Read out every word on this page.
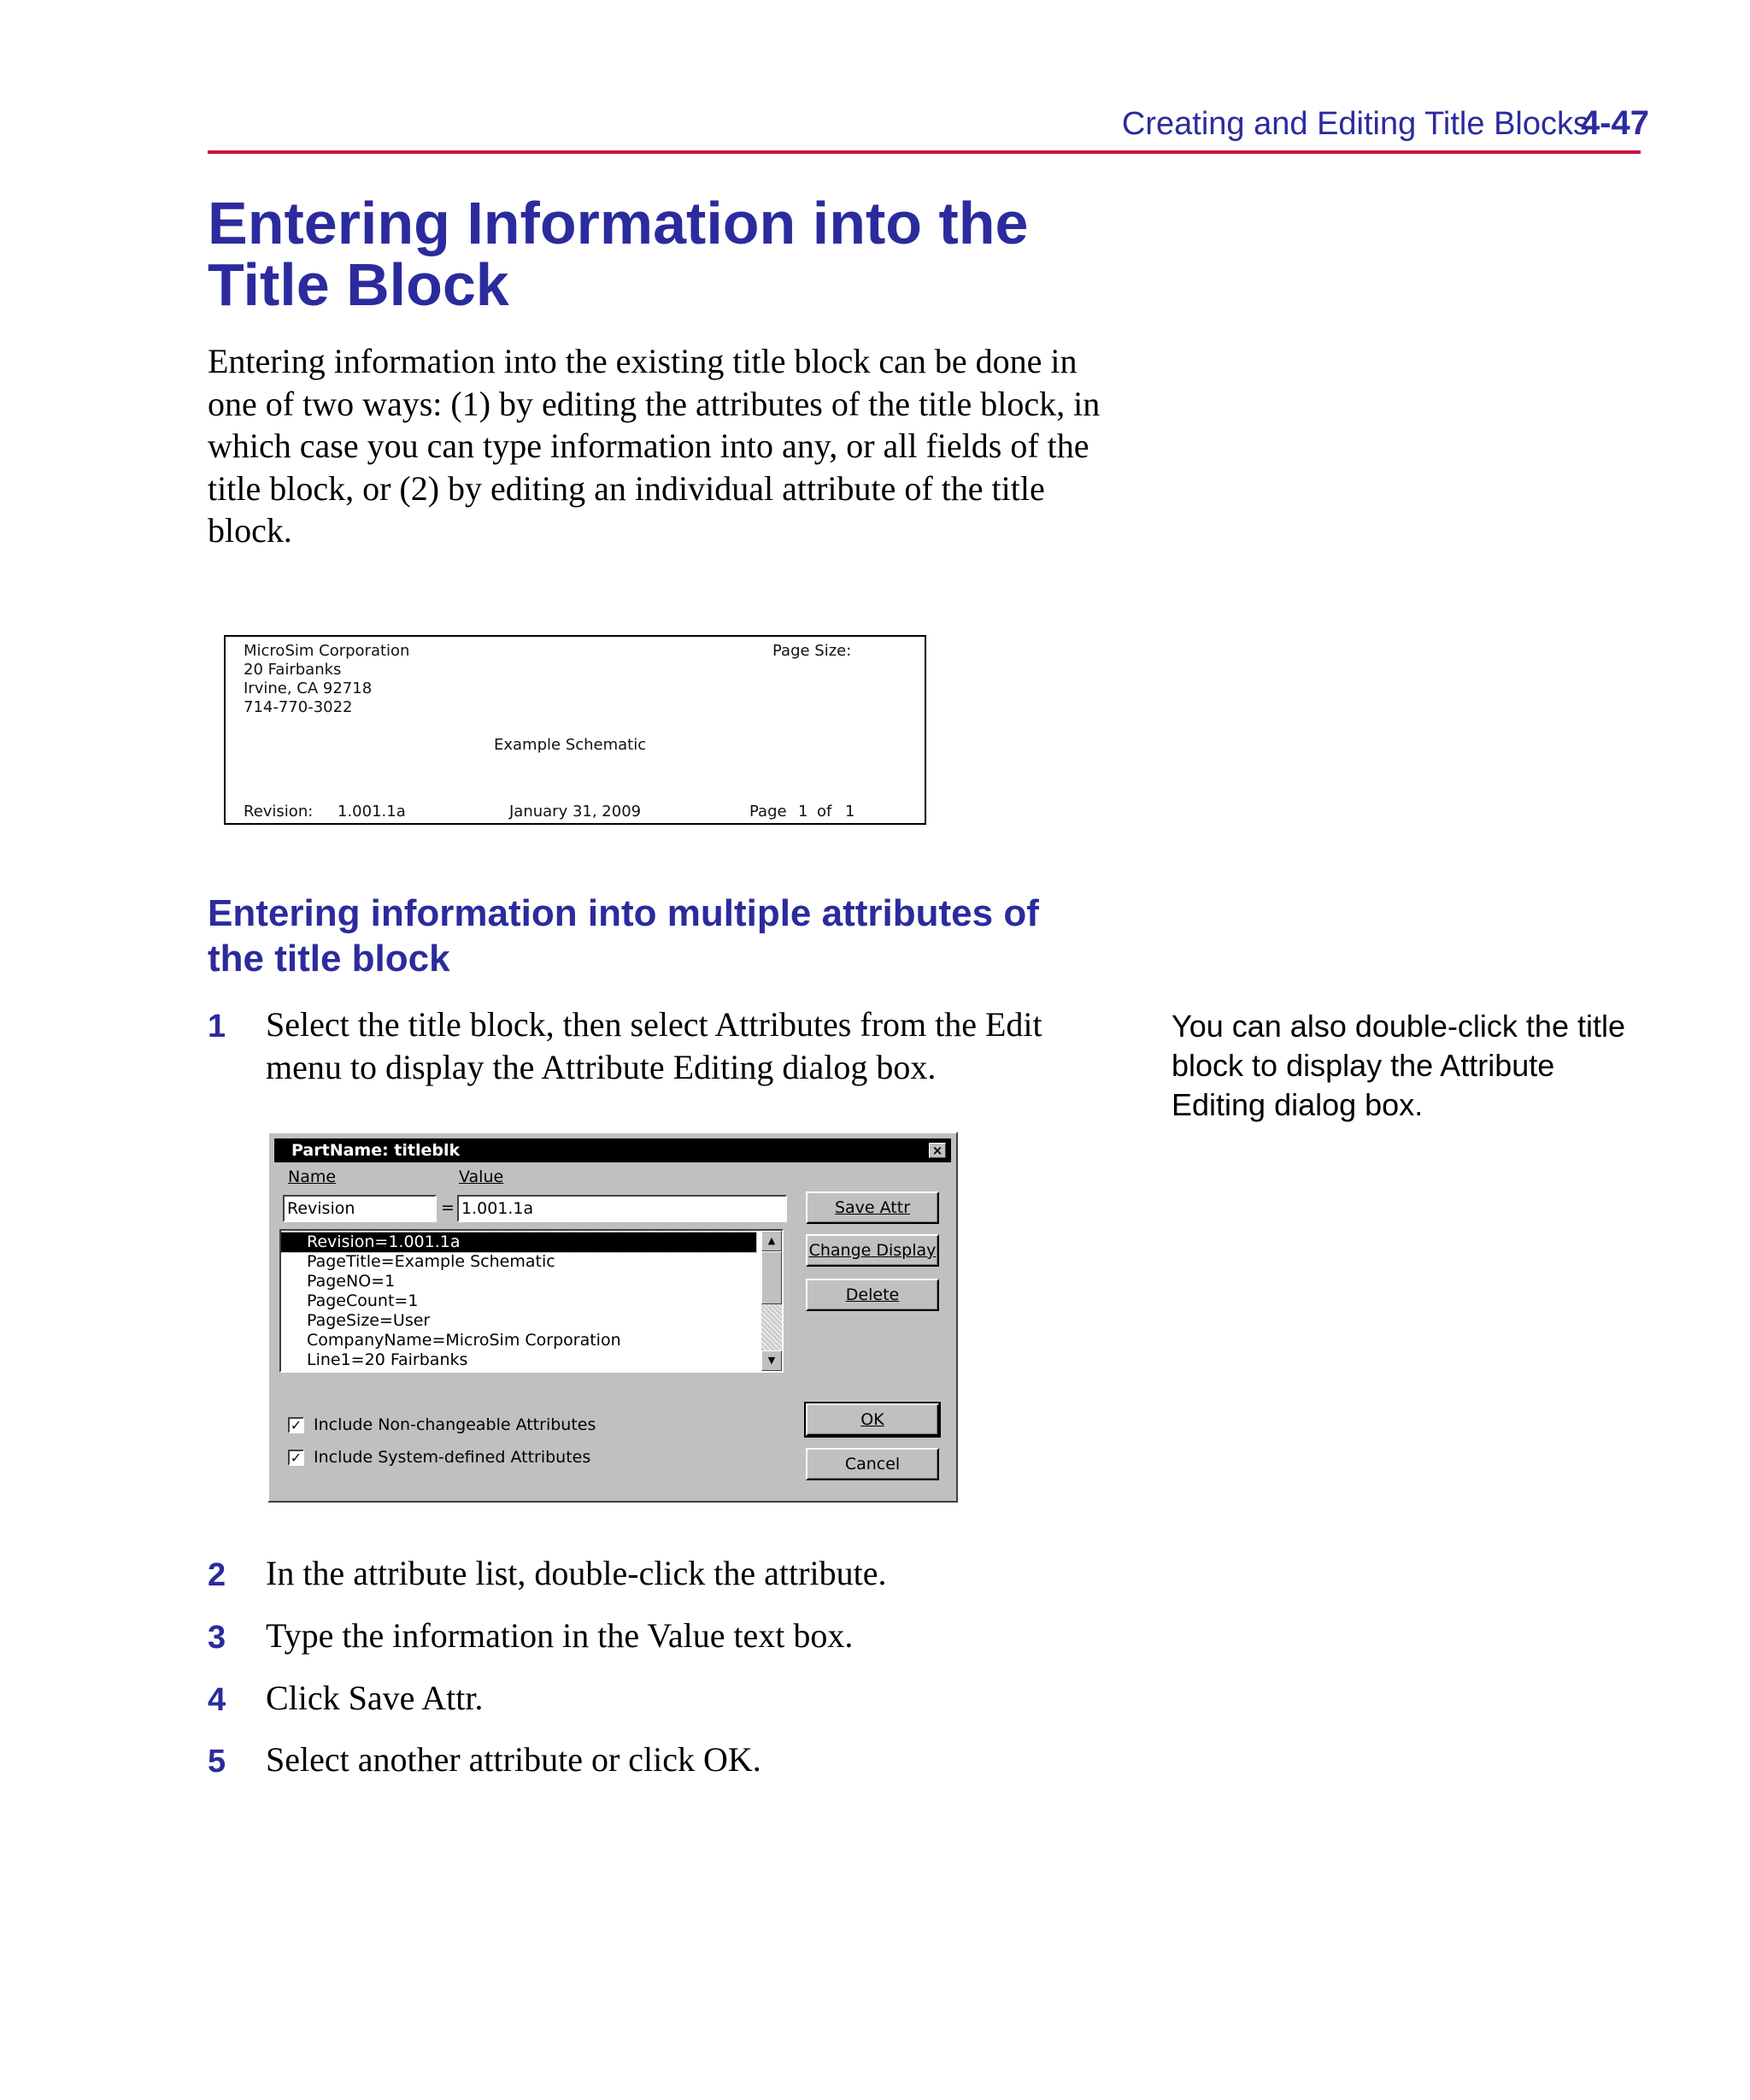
Creating and Editing Title Blocks
4-47
Entering Information into the
Title Block

Entering information into the existing title block can be done in one of two ways: (1) by editing the attributes of the title block, in which case you can type information into any, or all fields of the title block, or (2) by editing an individual attribute of the title block.

MicroSim Corporation
20 Fairbanks
Irvine, CA 92718
714-770-3022
Page Size:
Example Schematic
Revision: 1.001.1a	January 31, 2009	Page 1 of 1
Entering information into multiple attributes of
the title block
1 Select the title block, then select Attributes from the Edit menu to display the Attribute Editing dialog box.
You can also double-click the title block to display the Attribute Editing dialog box.
PartName: titleblk	×
Name	Value
Revision	= 1.001.1a
Revision=1.001.1a
PageTitle=Example Schematic
PageNO=1
PageCount=1
PageSize=User
CompanyName=MicroSim Corporation
Line1=20 Fairbanks
▲
▼
Save Attr
Change Display
Delete
✓ Include Non-changeable Attributes
✓ Include System-defined Attributes
OK
Cancel
2 In the attribute list, double-click the attribute.
3 Type the information in the Value text box.
4 Click Save Attr.
5 Select another attribute or click OK.
